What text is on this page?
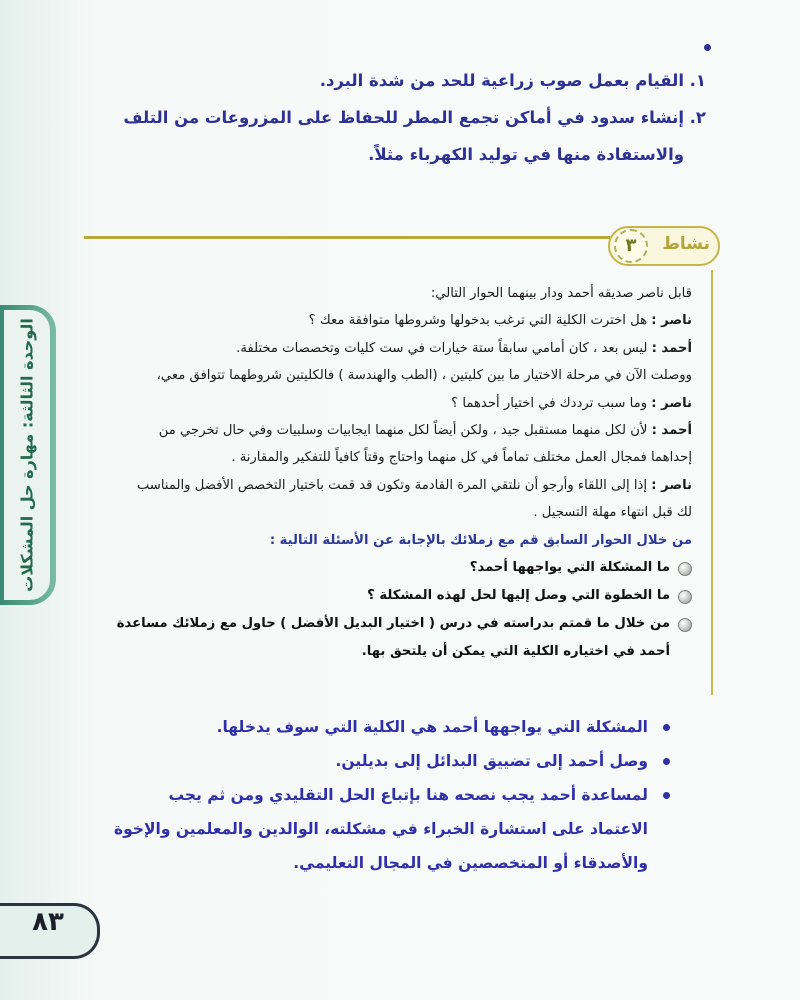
١.
القيام بعمل صوب زراعية للحد من شدة البرد.
٢.
إنشاء سدود في أماكن تجمع المطر للحفاظ على المزروعات من التلف والاستفادة منها في توليد الكهرباء مثلاً.
نشاط
٣
قابل ناصر صديقه أحمد ودار بينهما الحوار التالي:
ناصر : هل اخترت الكلية التي ترغب بدخولها وشروطها متوافقة معك ؟
أحمد : ليس بعد ، كان أمامي سابقاً ستة خيارات في ست كليات وتخصصات مختلفة.
ووصلت الآن في مرحلة الاختيار ما بين كليتين ، (الطب والهندسة ) فالكليتين شروطهما تتوافق معي،
ناصر : وما سبب ترددك في اختيار أحدهما ؟
أحمد : لأن لكل منهما مستقبل جيد ، ولكن أيضاً لكل منهما ايجابيات وسلبيات وفي حال تخرجي من
إحداهما فمجال العمل مختلف تماماً في كل منهما واحتاج وقتاً كافياً للتفكير والمقارنة .
ناصر : إذا إلى اللقاء وأرجو أن نلتقي المرة القادمة وتكون قد قمت باختيار التخصص الأفضل والمناسب
لك قبل انتهاء مهلة التسجيل .
من خلال الحوار السابق قم مع زملائك بالإجابة عن الأسئلة التالية :
ما المشكلة التي يواجهها أحمد؟
ما الخطوة التي وصل إليها لحل لهذه المشكلة ؟
من خلال ما قمتم بدراسته في درس ( اختيار البديل الأفضل ) حاول مع زملائك مساعدة
أحمد في اختياره الكلية التي يمكن أن يلتحق بها.
الوحدة الثالثة: مهارة حل المشكلات
المشكلة التي يواجهها أحمد هي الكلية التي سوف يدخلها.
وصل أحمد إلى تضييق البدائل إلى بديلين.
لمساعدة أحمد يجب نصحه هنا بإتباع الحل التقليدي ومن ثم يجب الاعتماد على استشارة الخبراء في مشكلته، الوالدين والمعلمين والإخوة والأصدقاء أو المتخصصين في المجال التعليمي.
٨٣
